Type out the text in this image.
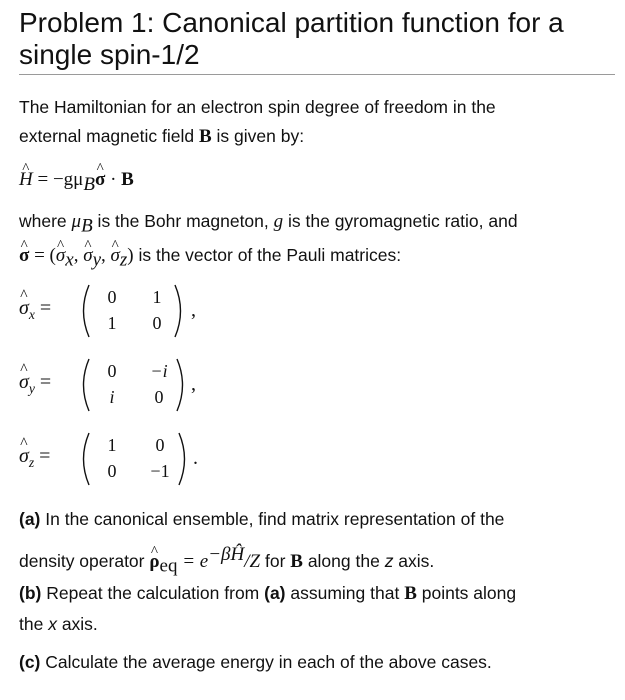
Problem 1: Canonical partition function for a single spin-1/2

The Hamiltonian for an electron spin degree of freedom in the
external magnetic field B is given by:

H ^ = $-g\mu_B\sigma$ ^ · B

where $\mu_B$ is the Bohr magneton, g is the gyromagnetic ratio, and
σ ^ = (σ $\^{}_x$, σ $\^{}_y$, σ $\^{}_z$) is the vector of the Pauli matrices:

σ $\^{}_x$ =	0	1
1	0
,
σ $\^{}_y$ =	0	−i
i	0
,
σ $\^{}_z$ =	1	0
0	−1
.

(a) In the canonical ensemble, find matrix representation of the
density operator ρ $\^{}_{eq} = e^{-\beta Ĥ}/Z$ for B along the z axis.

(b) Repeat the calculation from (a) assuming that B points along
the x axis.

(c) Calculate the average energy in each of the above cases.
